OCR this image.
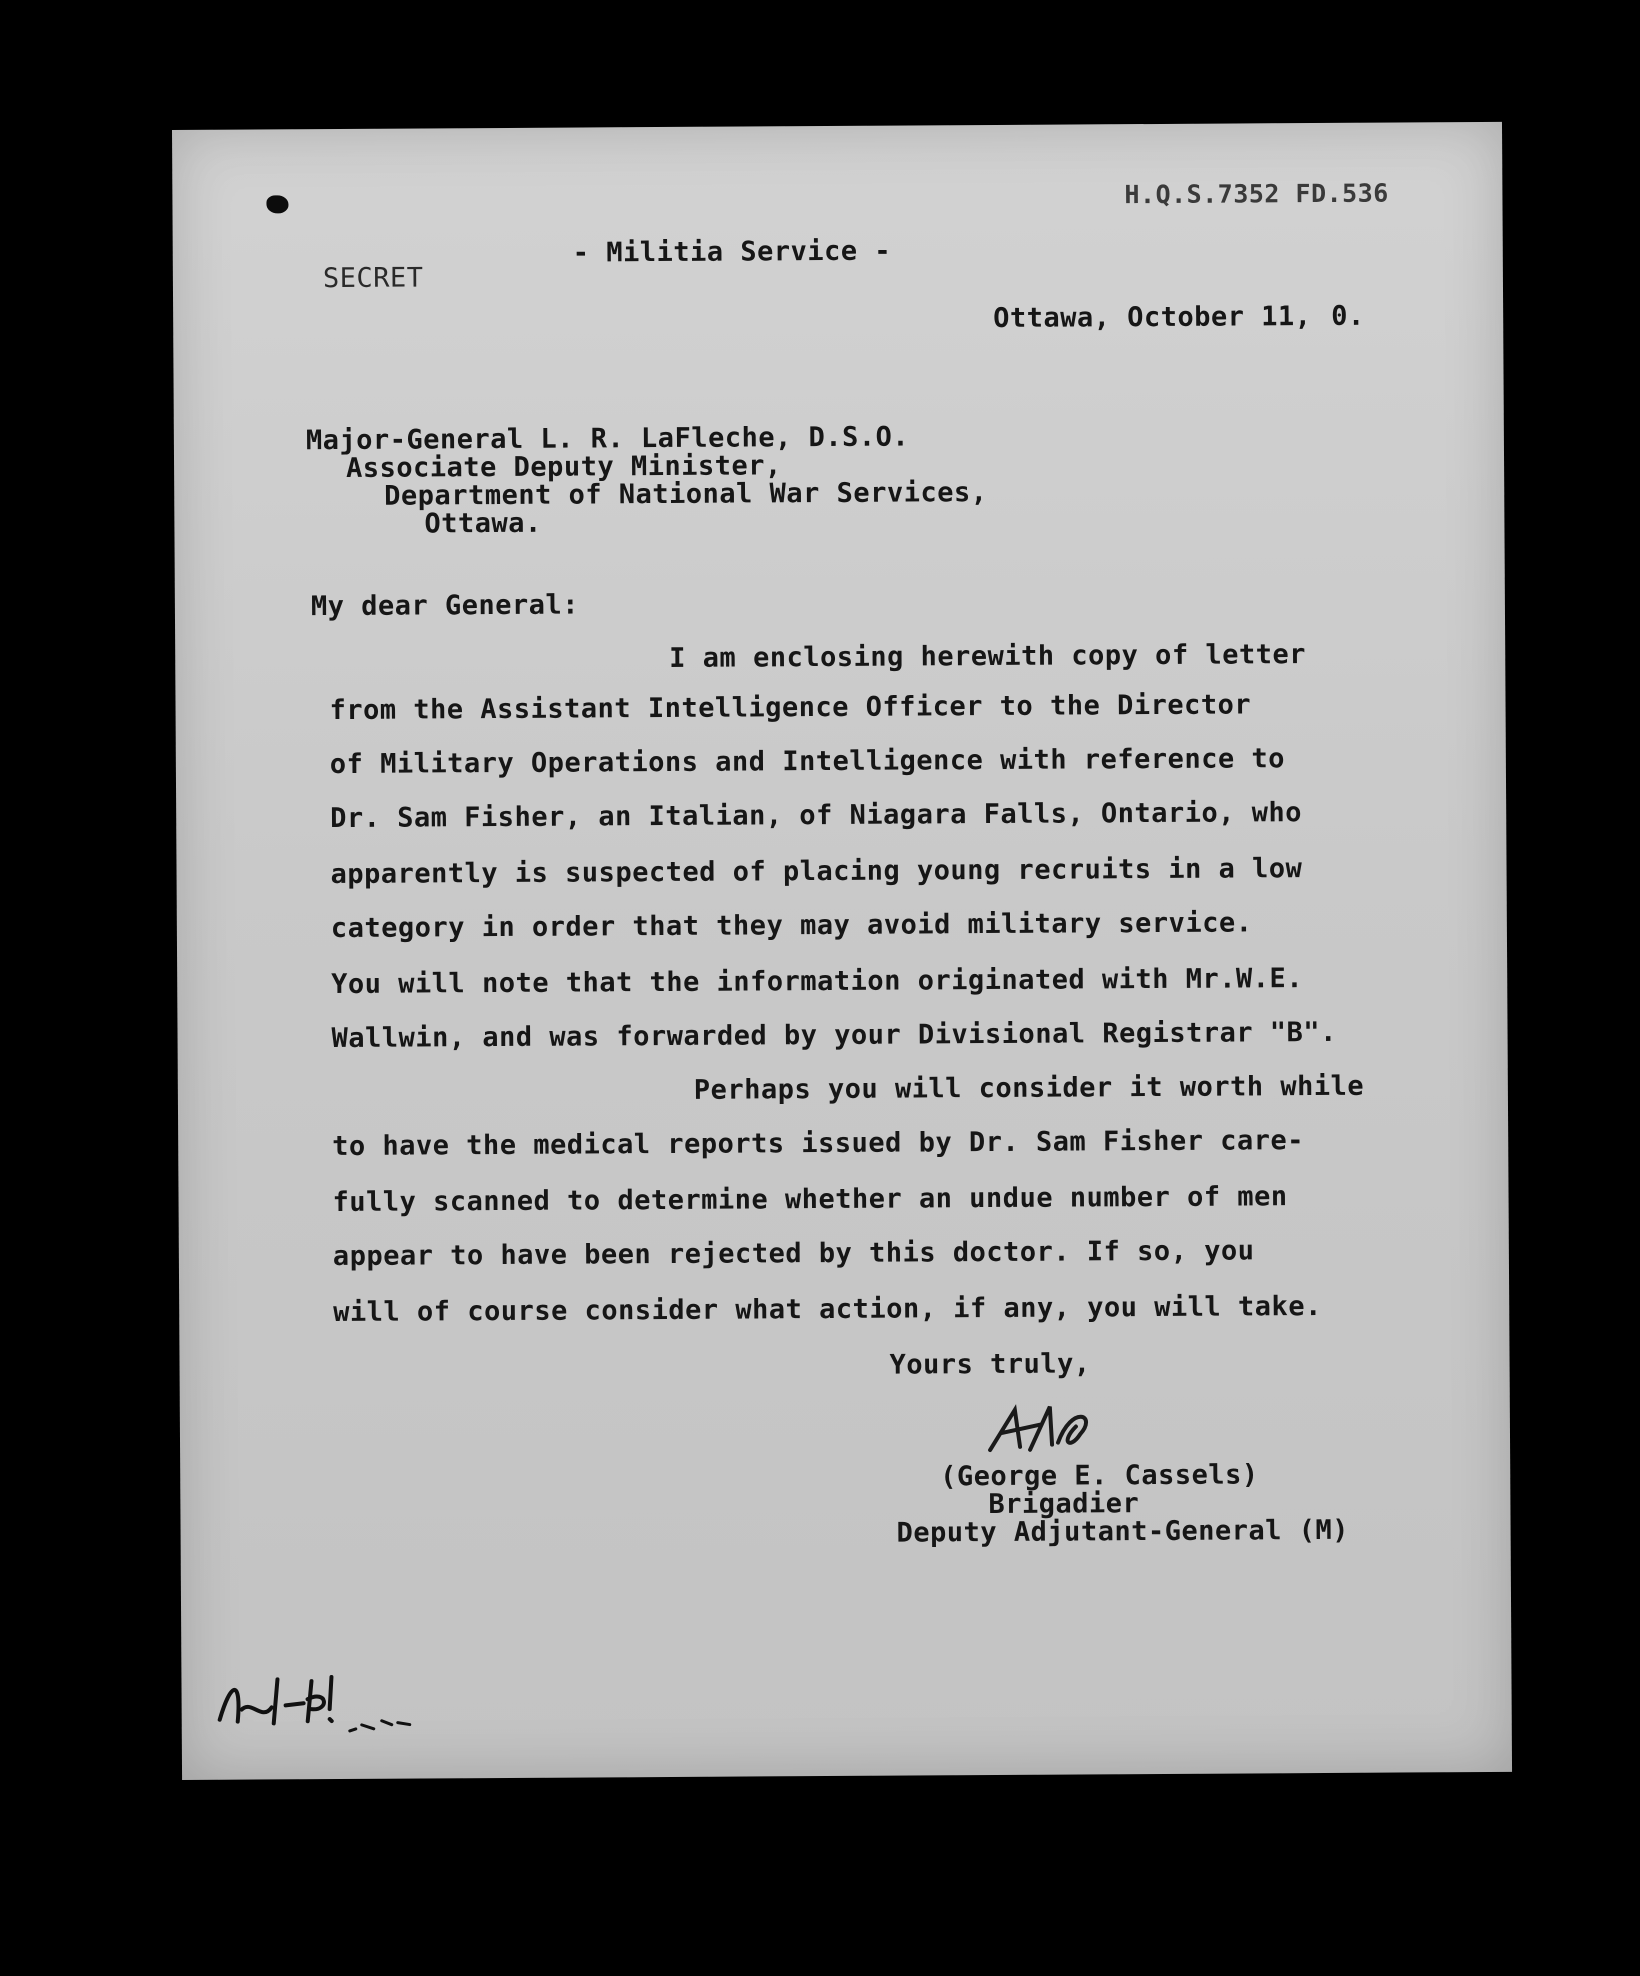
H.Q.S.7352 FD.536
- Militia Service -
SECRET
Ottawa, October 11, 0.
Major-General L. R. LaFleche, D.S.O.
Associate Deputy Minister,
Department of National War Services,
Ottawa.
My dear General:
I am enclosing herewith copy of letter
from the Assistant Intelligence Officer to the Director
of Military Operations and Intelligence with reference to
Dr. Sam Fisher, an Italian, of Niagara Falls, Ontario, who
apparently is suspected of placing young recruits in a low
category in order that they may avoid military service.
You will note that the information originated with Mr.W.E.
Wallwin, and was forwarded by your Divisional Registrar "B".
Perhaps you will consider it worth while
to have the medical reports issued by Dr. Sam Fisher care-
fully scanned to determine whether an undue number of men
appear to have been rejected by this doctor. If so, you
will of course consider what action, if any, you will take.
Yours truly,
(George E. Cassels)
Brigadier
Deputy Adjutant-General (M)
